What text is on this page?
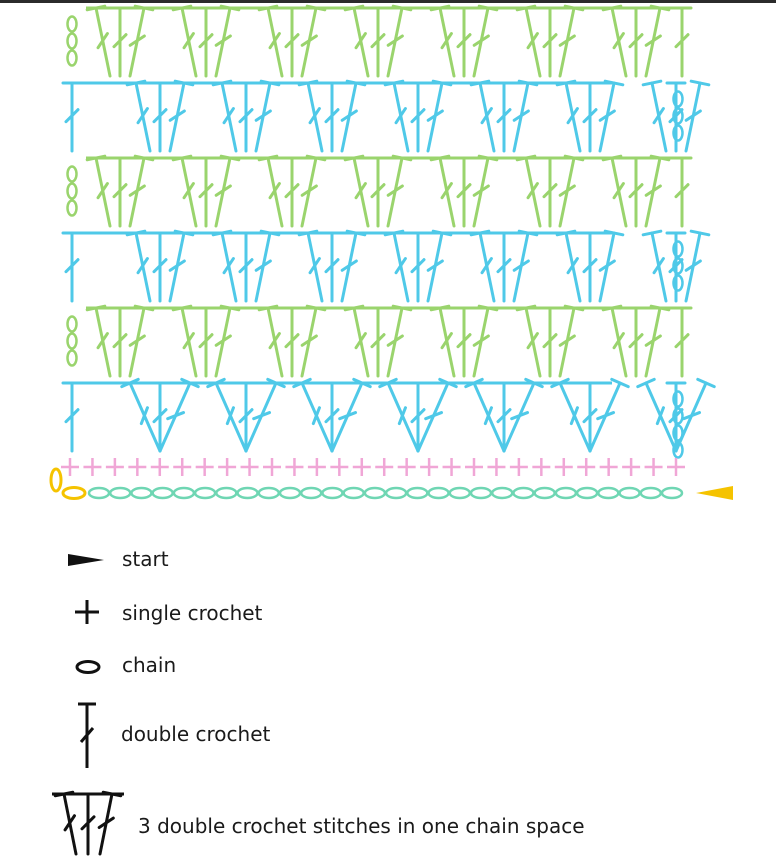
start
single crochet
chain
double crochet
3 double crochet stitches in one chain space
